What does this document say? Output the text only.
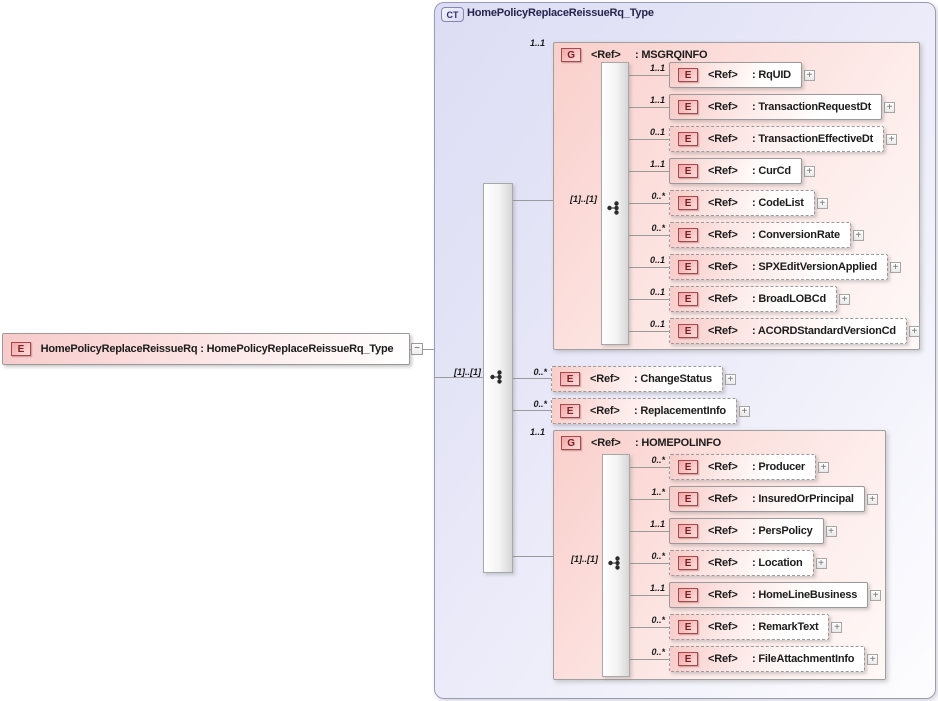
CT HomePolicyReplaceReissueRq_Type
G	<Ref>	: MSGRQINFO
G	<Ref>	: HOMEPOLINFO
[1]..[1]
[1]..[1]
[1]..[1]
1..1
1..1
0..*
0..*
1..1
1..1
0..1
1..1
0..*
0..*
0..1
0..1
0..1
0..*
1..*
1..1
0..*
1..1
0..*
0..*
E	<Ref>	: RqUID +
E	<Ref>	: TransactionRequestDt +
E	<Ref>	: TransactionEffectiveDt +
E	<Ref>	: CurCd +
E	<Ref>	: CodeList +
E	<Ref>	: ConversionRate +
E	<Ref>	: SPXEditVersionApplied +
E	<Ref>	: BroadLOBCd +
E	<Ref>	: ACORDStandardVersionCd +
E	<Ref>	: ChangeStatus +
E	<Ref>	: ReplacementInfo +
E	<Ref>	: Producer +
E	<Ref>	: InsuredOrPrincipal +
E	<Ref>	: PersPolicy +
E	<Ref>	: Location +
E	<Ref>	: HomeLineBusiness +
E	<Ref>	: RemarkText +
E	<Ref>	: FileAttachmentInfo +
E	HomePolicyReplaceReissueRq : HomePolicyReplaceReissueRq_Type	−
